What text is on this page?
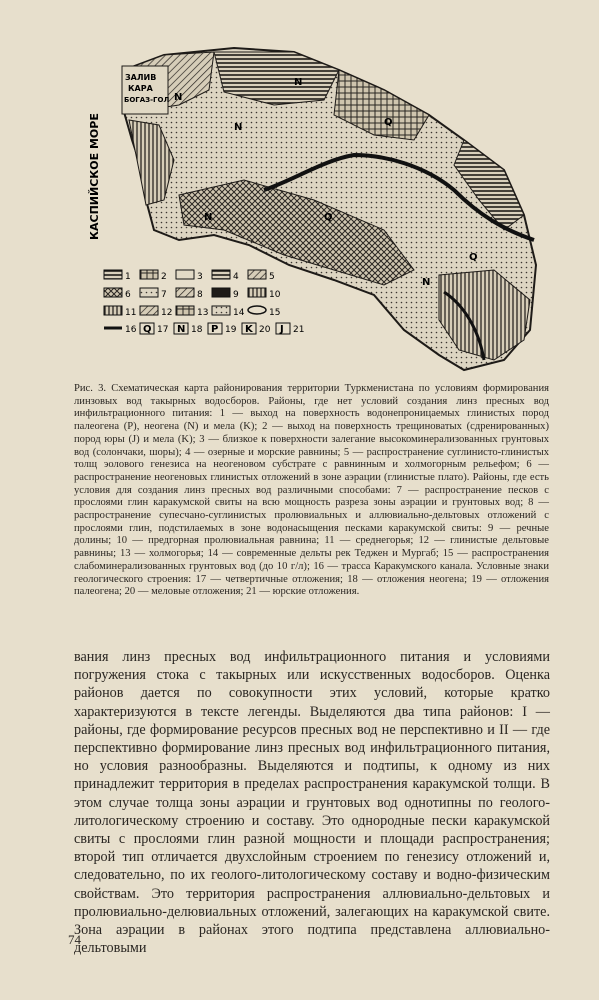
КАСПИЙСКОЕ МОРЕ
ЗАЛИВ
КАРА
БОГАЗ-ГОЛ N
N
Q
N
Q
N
N
Q
1	2	3	4	5
6	7	8	9	10
11	12	13	14	15
16 Q 17 N 18 P 19 K 20 J 21
Рис. 3. Схематическая карта районирования территории Туркменистана по условиям формирования линзовых вод такырных водосборов. Районы, где нет условий создания линз пресных вод инфильтрационного питания: 1 — выход на поверхность водонепроницаемых глинистых пород палеогена (P), неогена (N) и мела (K); 2 — выход на поверхность трещиноватых (сдренированных) пород юры (J) и мела (K); 3 — близкое к поверхности залегание высокоминерализованных грунтовых вод (солончаки, шоры); 4 — озерные и морские равнины; 5 — распространение суглинисто-глинистых толщ эолового генезиса на неогеновом субстрате с равнинным и холмогорным рельефом; 6 — распространение неогеновых глинистых отложений в зоне аэрации (глинистые плато). Районы, где есть условия для создания линз пресных вод различными способами: 7 — распространение песков с прослоями глин каракумской свиты на всю мощность разреза зоны аэрации и грунтовых вод; 8 — распространение супесчано-суглинистых пролювиальных и аллювиально-дельтовых отложений с прослоями глин, подстилаемых в зоне водонасыщения песками каракумской свиты: 9 — речные долины; 10 — предгорная пролювиальная равнина; 11 — среднегорья; 12 — глинистые дельтовые равнины; 13 — холмогорья; 14 — современные дельты рек Теджен и Мургаб; 15 — распространения слабоминерализованных грунтовых вод (до 10 г/л); 16 — трасса Каракумского канала. Условные знаки геологического строения: 17 — четвертичные отложения; 18 — отложения неогена; 19 — отложения палеогена; 20 — меловые отложения; 21 — юрские отложения.
вания линз пресных вод инфильтрационного питания и условиями погружения стока с такырных или искусственных водосборов. Оценка районов дается по совокупности этих условий, которые кратко характеризуются в тексте легенды. Выделяются два типа районов: I — районы, где формирование ресурсов пресных вод не перспективно и II — где перспективно формирование линз пресных вод инфильтрационного питания, но условия разнообразны. Выделяются и подтипы, к одному из них принадлежит территория в пределах распространения каракумской толщи. В этом случае толща зоны аэрации и грунтовых вод однотипны по геолого-литологическому строению и составу. Это однородные пески каракумской свиты с прослоями глин разной мощности и площади распространения; второй тип отличается двухслойным строением по генезису отложений и, следовательно, по их геолого-литологическому составу и водно-физическим свойствам. Это территория распространения аллювиально-дельтовых и пролювиально-делювиальных отложений, залегающих на каракумской свите. Зона аэрации в районах этого подтипа представлена аллювиально-дельтовыми
74
